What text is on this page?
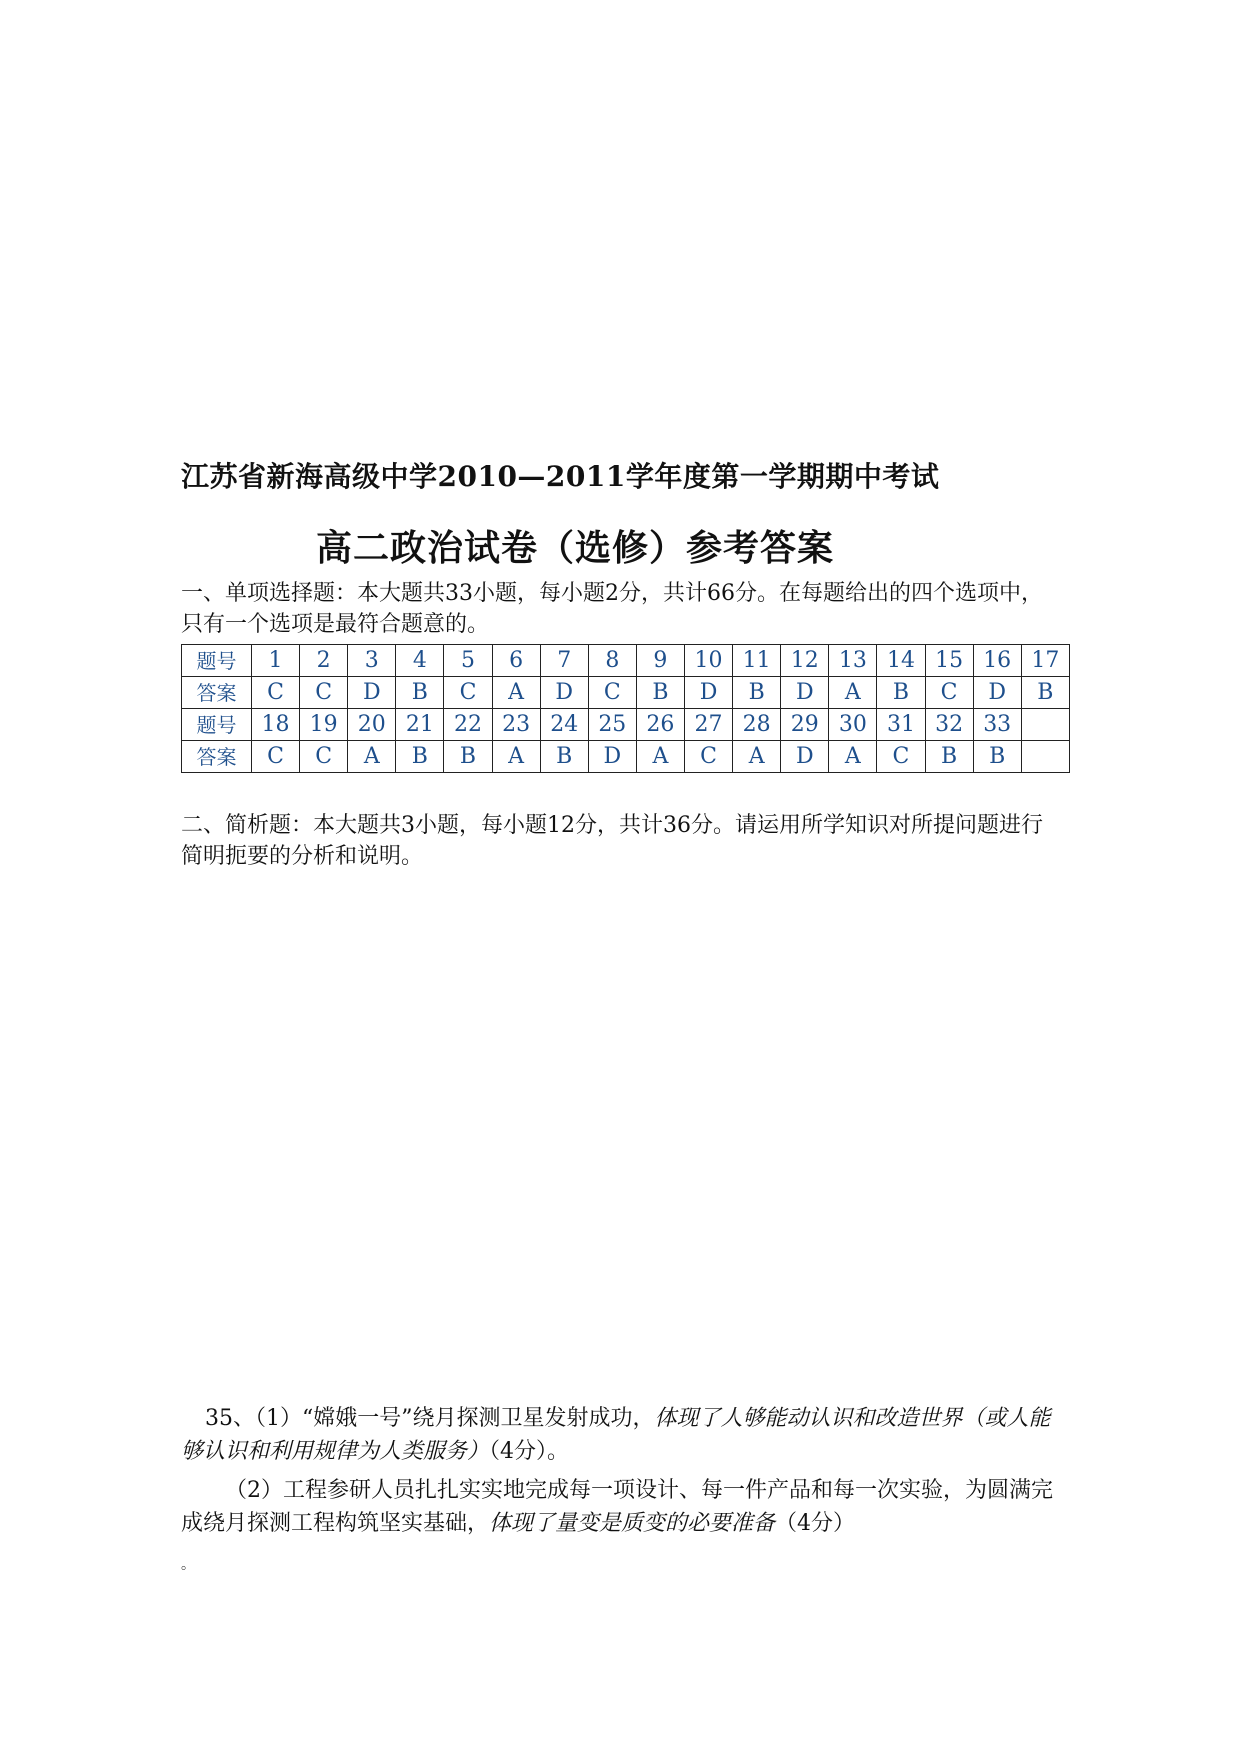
江苏省新海高级中学2010—2011学年度第一学期期中考试
高二政治试卷（选修）参考答案
一、单项选择题：本大题共33小题，每小题2分，共计66分。在每题给出的四个选项中，只有一个选项是最符合题意的。
题号	1	2	3	4	5	6	7	8	9	10	11	12	13	14	15	16	17
答案	C	C	D	B	C	A	D	C	B	D	B	D	A	B	C	D	B
题号	18	19	20	21	22	23	24	25	26	27	28	29	30	31	32	33	
答案	C	C	A	B	B	A	B	D	A	C	A	D	A	C	B	B	
二、简析题：本大题共3小题，每小题12分，共计36分。请运用所学知识对所提问题进行简明扼要的分析和说明。

35、（1）“嫦娥一号”绕月探测卫星发射成功，体现了人够能动认识和改造世界（或人能够认识和利用规律为人类服务）（4分）。

（2）工程参研人员扎扎实实地完成每一项设计、每一件产品和每一次实验，为圆满完成绕月探测工程构筑坚实基础，体现了量变是质变的必要准备（4分）

。
